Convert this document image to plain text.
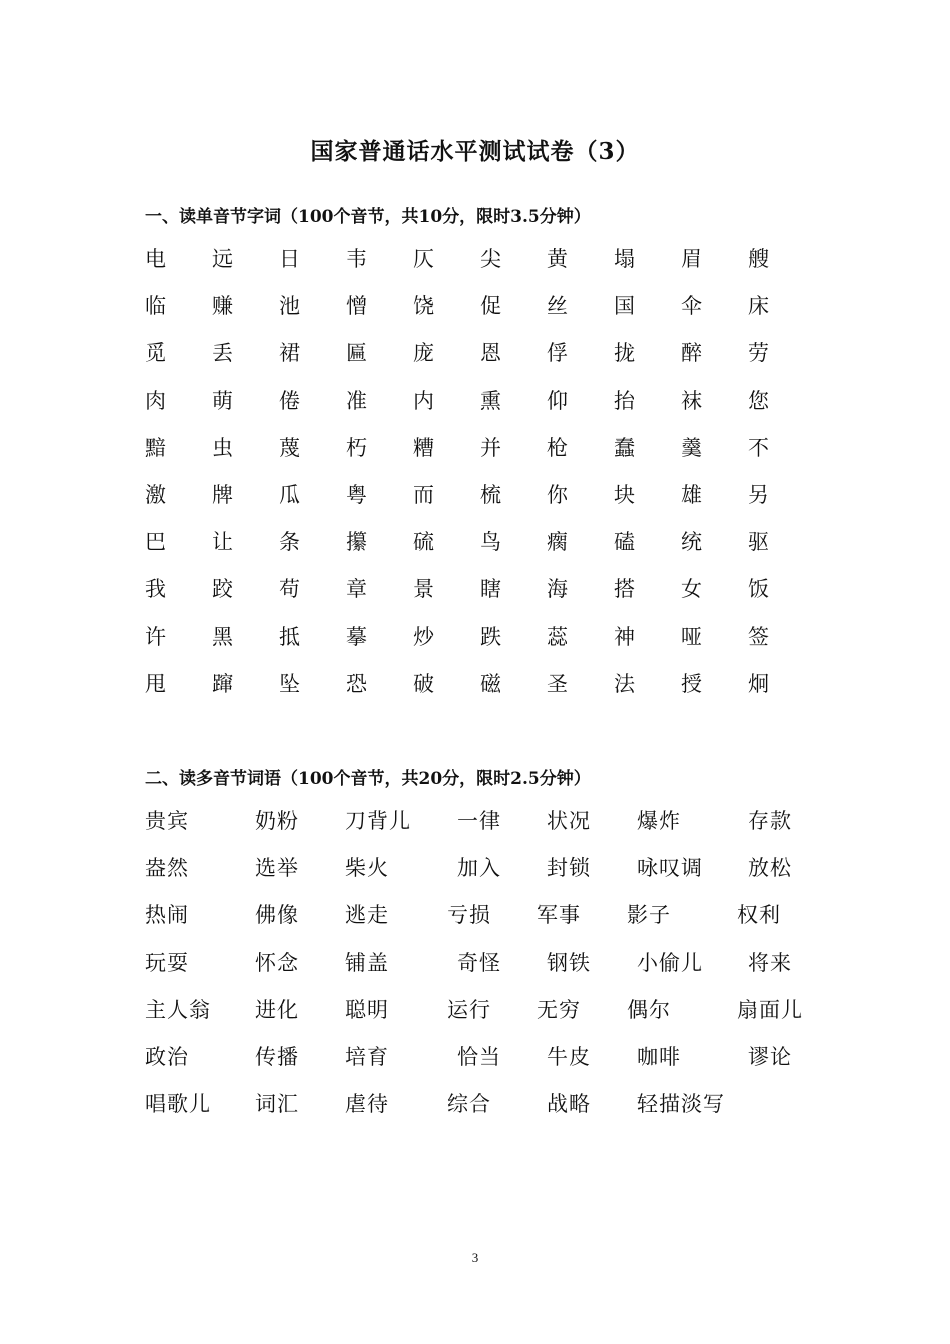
国家普通话水平测试试卷（3）
一、读单音节字词（100个音节，共10分，限时3.5分钟）
电	远	日	韦	仄	尖	黄	塌	眉	艘
临	赚	池	憎	饶	促	丝	国	伞	床
觅	丢	裙	匾	庞	恩	俘	拢	醉	劳
肉	萌	倦	准	内	熏	仰	抬	袜	您
黯	虫	蔑	朽	糟	并	枪	蠢	羹	不
激	牌	瓜	粤	而	梳	你	块	雄	另
巴	让	条	攥	硫	鸟	瘸	磕	统	驱
我	跤	苟	章	景	瞎	海	搭	女	饭
许	黑	抵	摹	炒	跌	蕊	神	哑	签
甩	蹿	坠	恐	破	磁	圣	法	授	炯
二、读多音节词语（100个音节，共20分，限时2.5分钟）
贵宾	奶粉 刀背儿 一律 状况 爆炸	存款
盎然	选举 柴火	加入 封锁 咏叹调 放松
热闹	佛像 逃走	亏损 军事 影子	权利
玩耍	怀念 铺盖	奇怪 钢铁 小偷儿 将来
主人翁 进化 聪明	运行 无穷 偶尔	扇面儿
政治	传播 培育	恰当 牛皮 咖啡	谬论
唱歌儿 词汇 虐待	综合	战略 轻描淡写
3
